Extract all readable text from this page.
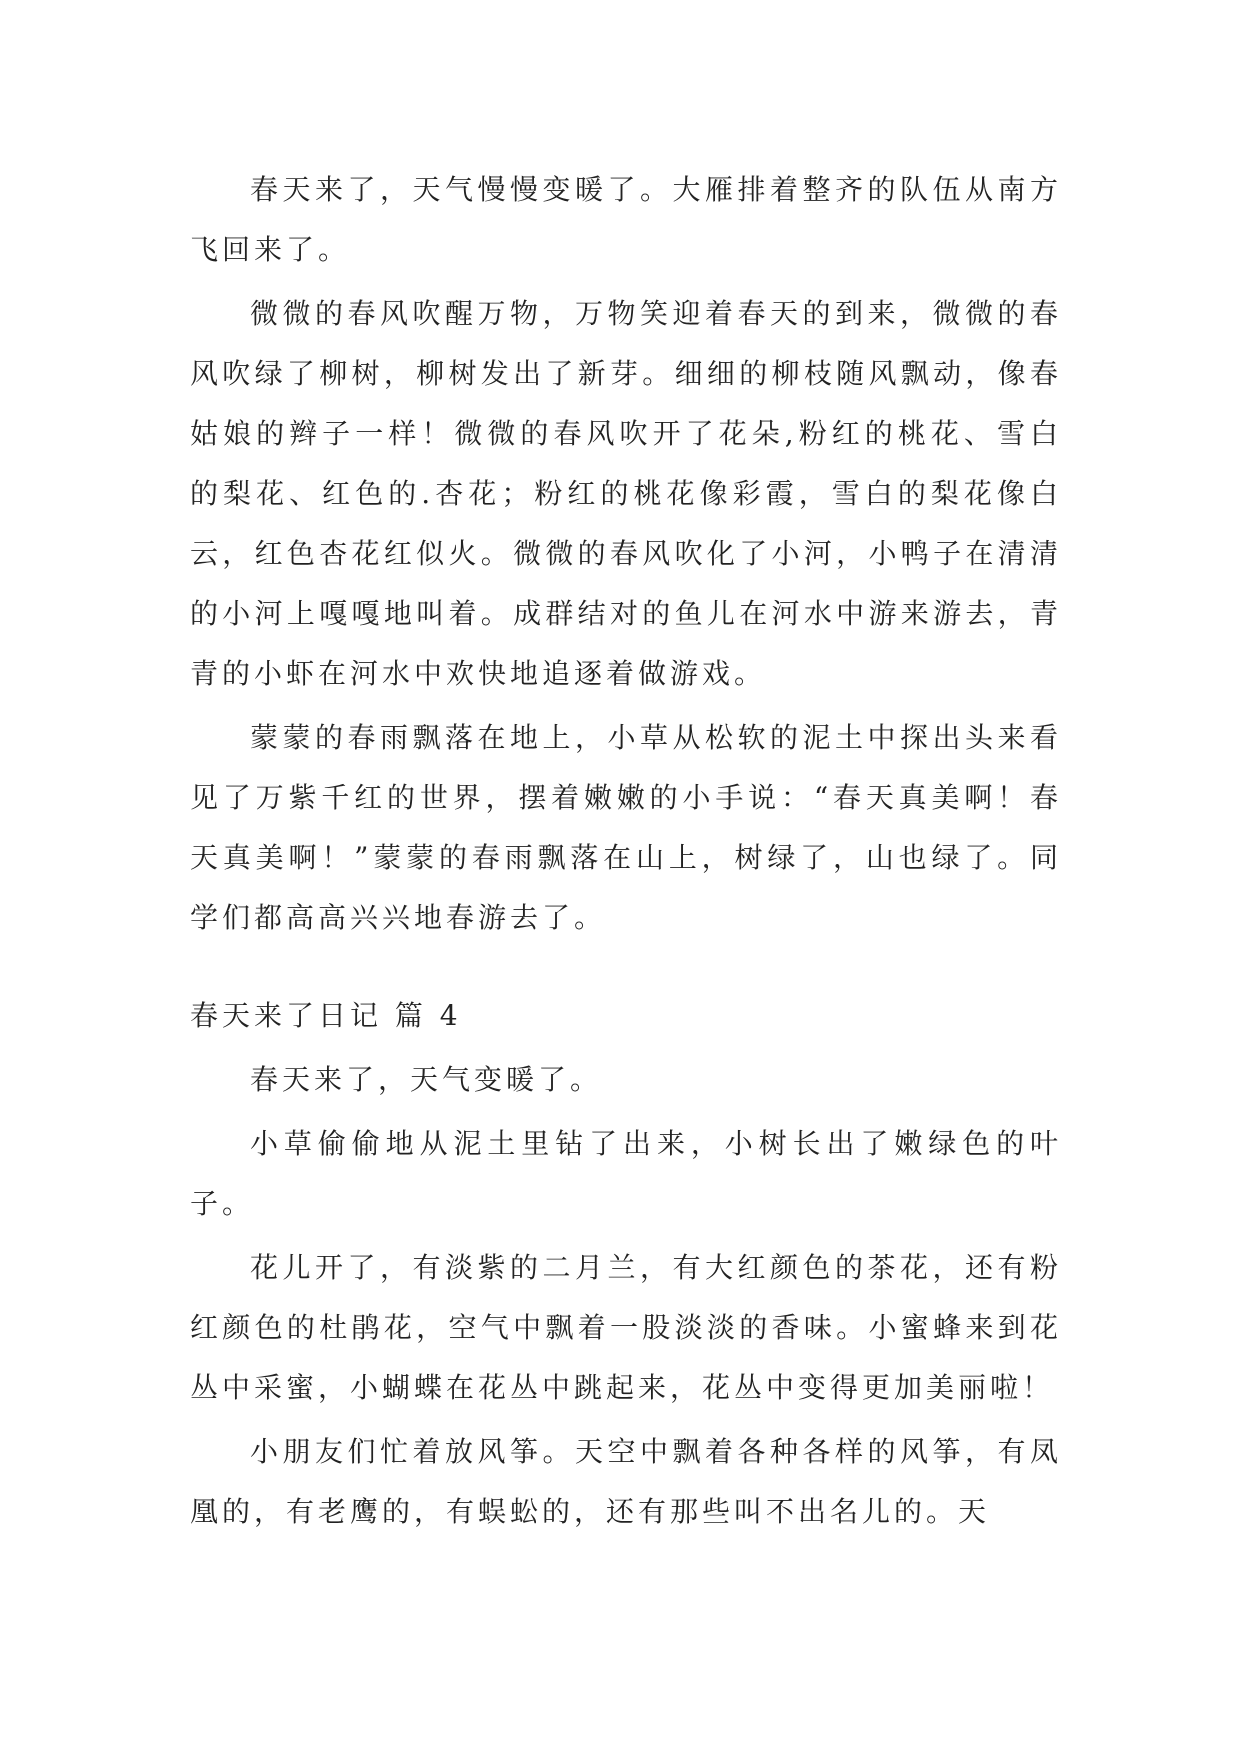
春天来了，天气慢慢变暖了。大雁排着整齐的队伍从南方飞回来了。

微微的春风吹醒万物，万物笑迎着春天的到来，微微的春风吹绿了柳树，柳树发出了新芽。细细的柳枝随风飘动，像春姑娘的辫子一样！微微的春风吹开了花朵,粉红的桃花、雪白的梨花、红色的.杏花；粉红的桃花像彩霞，雪白的梨花像白云，红色杏花红似火。微微的春风吹化了小河，小鸭子在清清的小河上嘎嘎地叫着。成群结对的鱼儿在河水中游来游去，青青的小虾在河水中欢快地追逐着做游戏。

蒙蒙的春雨飘落在地上，小草从松软的泥土中探出头来看见了万紫千红的世界，摆着嫩嫩的小手说：“春天真美啊！春天真美啊！”蒙蒙的春雨飘落在山上，树绿了，山也绿了。同学们都高高兴兴地春游去了。

春天来了日记 篇 4

春天来了，天气变暖了。

小草偷偷地从泥土里钻了出来，小树长出了嫩绿色的叶子。

花儿开了，有淡紫的二月兰，有大红颜色的茶花，还有粉红颜色的杜鹃花，空气中飘着一股淡淡的香味。小蜜蜂来到花丛中采蜜，小蝴蝶在花丛中跳起来，花丛中变得更加美丽啦！

小朋友们忙着放风筝。天空中飘着各种各样的风筝，有凤凰的，有老鹰的，有蜈蚣的，还有那些叫不出名儿的。天
